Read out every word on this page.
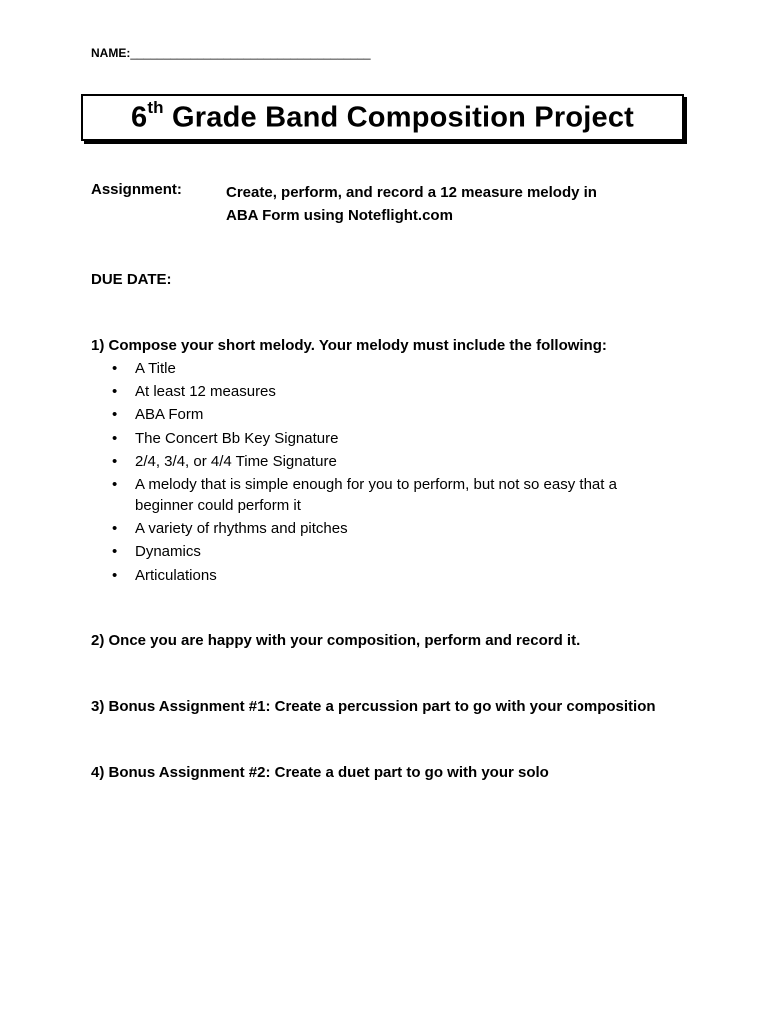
NAME:____________________________________
6th Grade Band Composition Project
Assignment:	Create, perform, and record a 12 measure melody in
ABA Form using Noteflight.com
DUE DATE:
1) Compose your short melody. Your melody must include the following:
• A Title
• At least 12 measures
• ABA Form
• The Concert Bb Key Signature
• 2/4, 3/4, or 4/4 Time Signature
• A melody that is simple enough for you to perform, but not so easy that a beginner could perform it
• A variety of rhythms and pitches
• Dynamics
• Articulations
2) Once you are happy with your composition, perform and record it.
3) Bonus Assignment #1: Create a percussion part to go with your composition
4) Bonus Assignment #2: Create a duet part to go with your solo
